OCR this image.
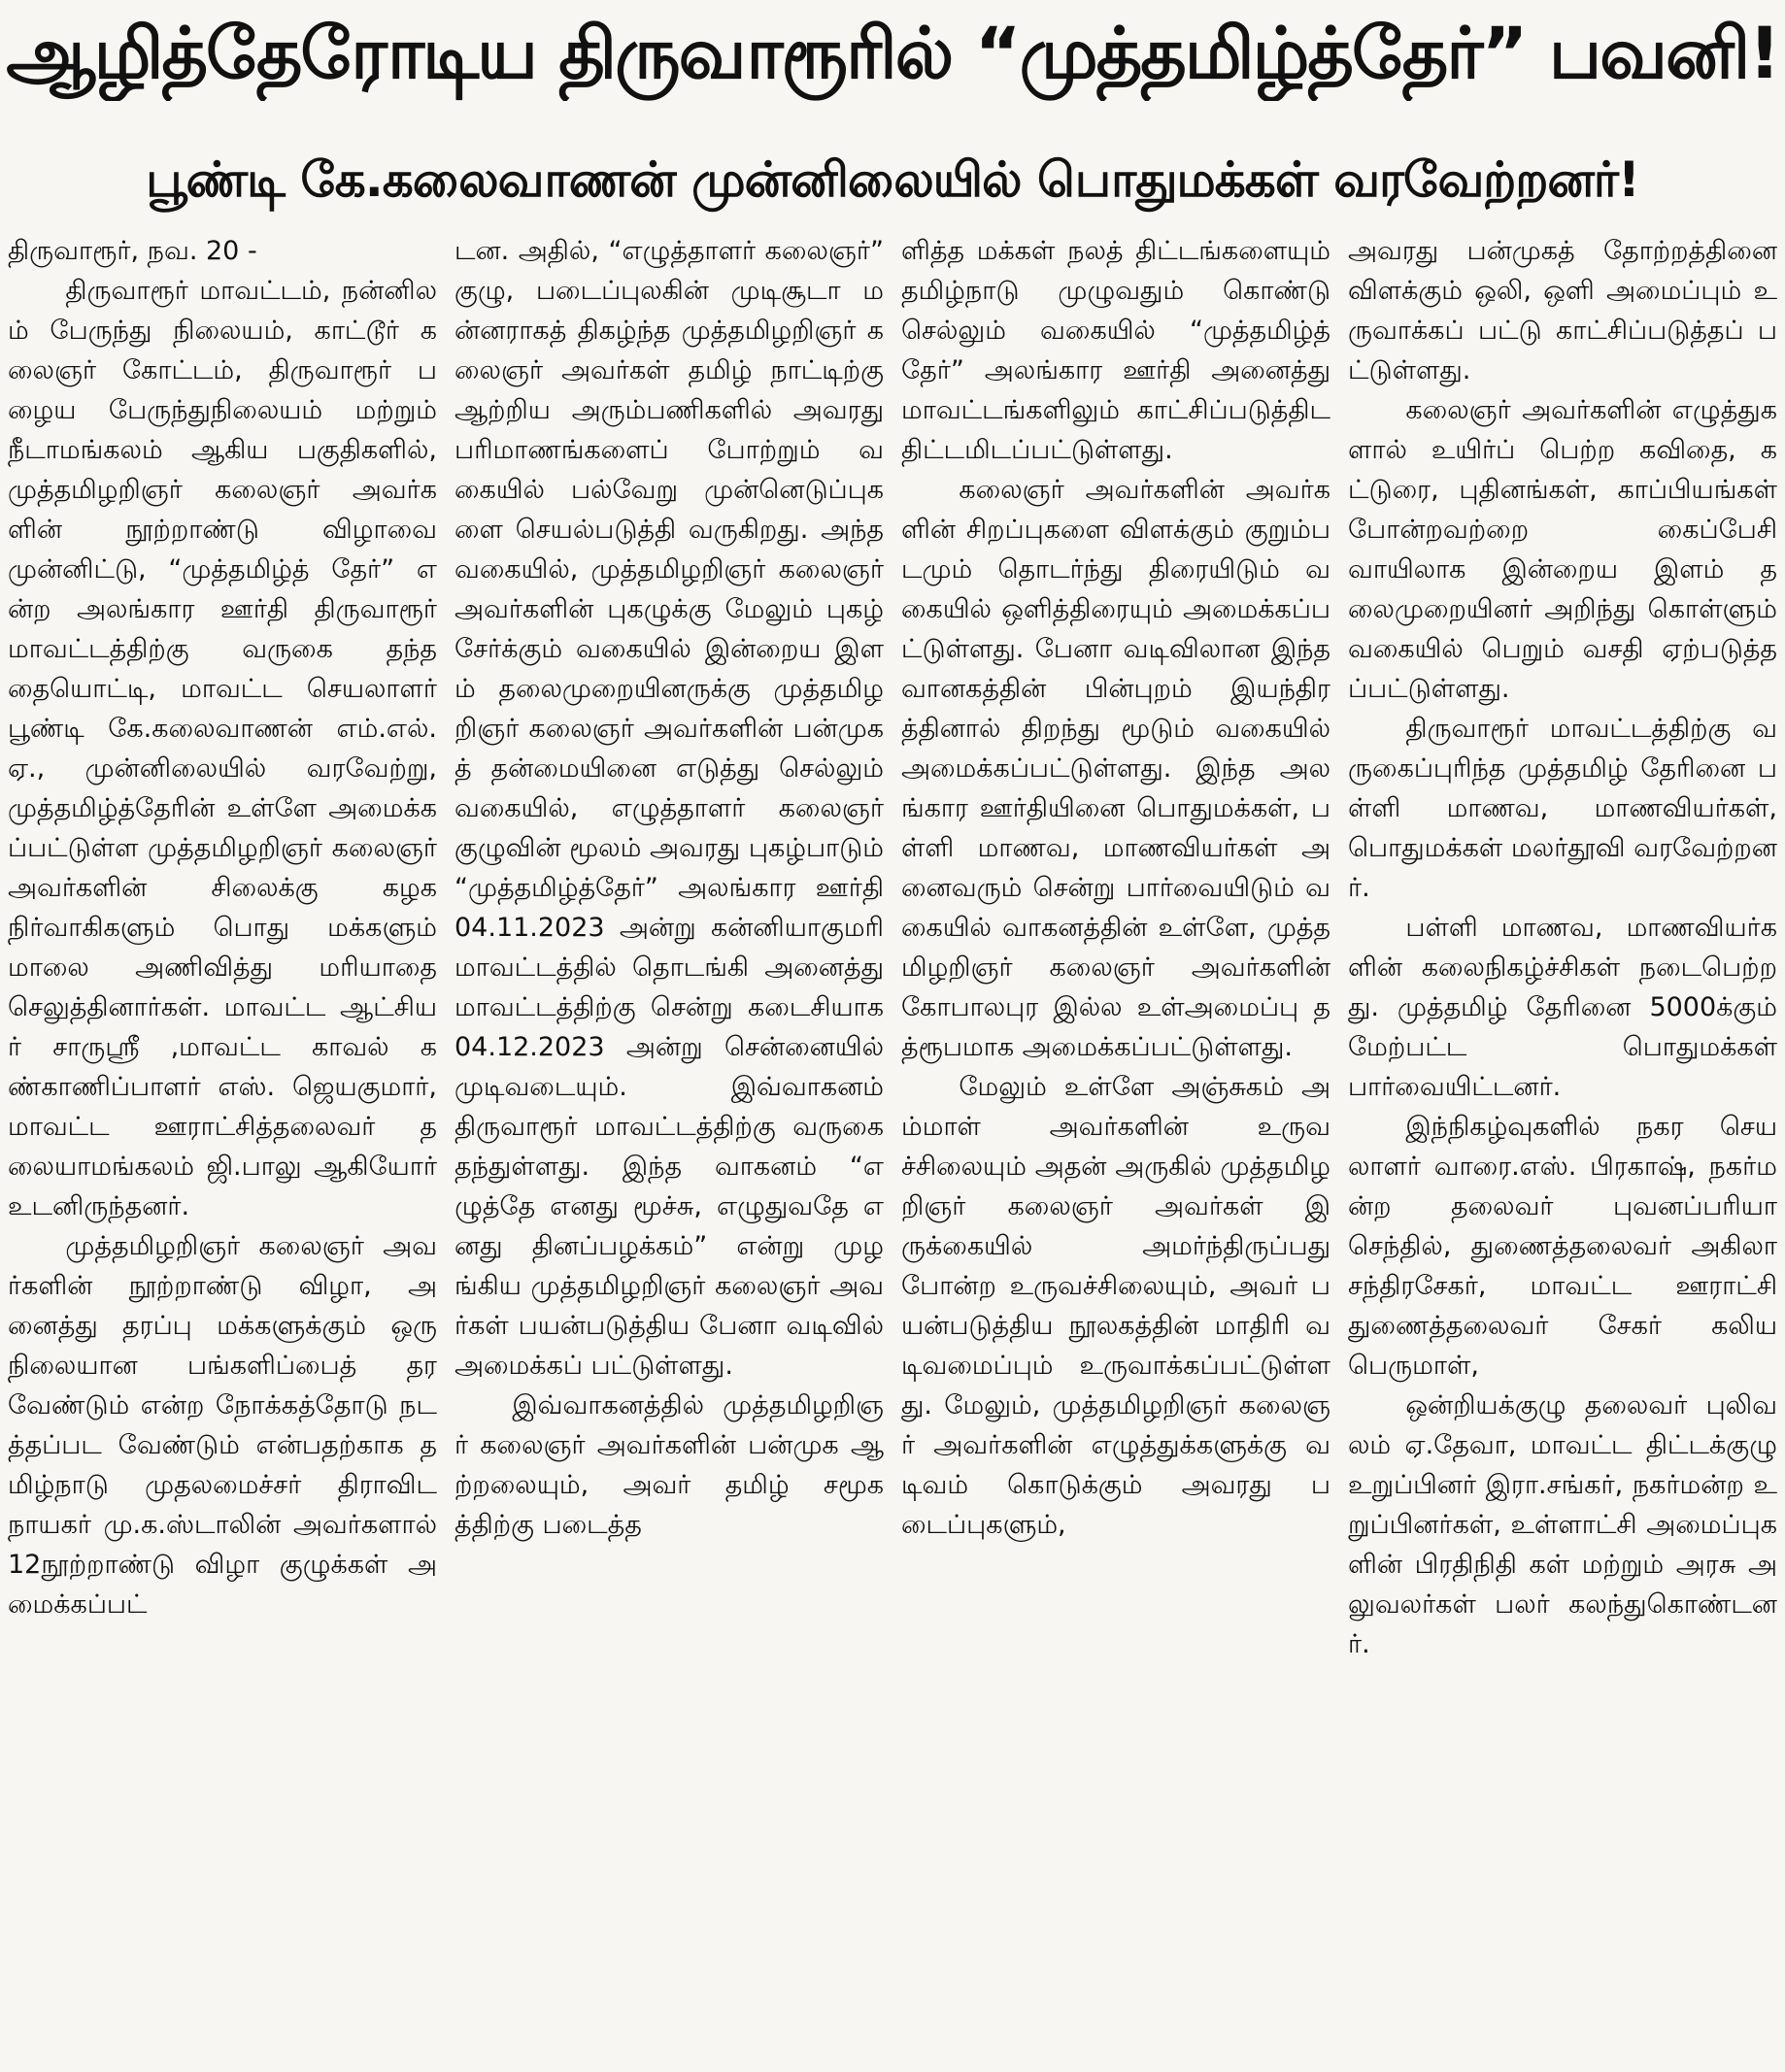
ஆழித்தேரோடிய திருவாரூரில் “முத்தமிழ்த்தேர்” பவனி!
பூண்டி கே.கலைவாணன் முன்னிலையில் பொதுமக்கள் வரவேற்றனர்!

திருவாரூர், நவ. 20 -

திருவாரூர் மாவட்டம், நன்னிலம் பேருந்து நிலையம், காட்டூர் கலைஞர் கோட்டம், திருவாரூர் பழைய பேருந்துநிலையம் மற்றும் நீடாமங்கலம் ஆகிய பகுதிகளில், முத்தமிழறிஞர் கலைஞர் அவர்களின் நூற்றாண்டு விழாவை முன்னிட்டு, “முத்தமிழ்த் தேர்” என்ற அலங்கார ஊர்தி திருவாரூர் மாவட்டத்திற்கு வருகை தந்ததையொட்டி, மாவட்ட செயலாளர் பூண்டி கே.கலைவாணன் எம்.எல்.ஏ., முன்னிலையில் வரவேற்று, முத்தமிழ்த்தேரின் உள்ளே அமைக்கப்பட்டுள்ள முத்தமிழறிஞர் கலைஞர் அவர்களின் சிலைக்கு கழக நிர்வாகிகளும் பொது மக்களும் மாலை அணிவித்து மரியாதை செலுத்தினார்கள். மாவட்ட ஆட்சியர் சாருஸ்ரீ ,மாவட்ட காவல் கண்காணிப்பாளர் எஸ். ஜெயகுமார், மாவட்ட ஊராட்சித்தலைவர் தலையாமங்கலம் ஜி.பாலு ஆகியோர் உடனிருந்தனர்.

முத்தமிழறிஞர் கலைஞர் அவர்களின் நூற்றாண்டு விழா, அனைத்து தரப்பு மக்களுக்கும் ஒரு நிலையான பங்களிப்பைத் தரவேண்டும் என்ற நோக்கத்தோடு நடத்தப்பட வேண்டும் என்பதற்காக தமிழ்நாடு முதலமைச்சர் திராவிட நாயகர் மு.க.ஸ்டாலின் அவர்களால் 12நூற்றாண்டு விழா குழுக்கள் அமைக்கப்பட்

டன. அதில், “எழுத்தாளர் கலைஞர்” குழு, படைப்புலகின் முடிசூடா மன்னராகத் திகழ்ந்த முத்தமிழறிஞர் கலைஞர் அவர்கள் தமிழ் நாட்டிற்கு ஆற்றிய அரும்பணிகளில் அவரது பரிமாணங்களைப் போற்றும் வகையில் பல்வேறு முன்னெடுப்புகளை செயல்படுத்தி வருகிறது. அந்தவகையில், முத்தமிழறிஞர் கலைஞர் அவர்களின் புகழுக்கு மேலும் புகழ் சேர்க்கும் வகையில் இன்றைய இளம் தலைமுறையினருக்கு முத்தமிழறிஞர் கலைஞர் அவர்களின் பன்முகத் தன்மையினை எடுத்து செல்லும் வகையில், எழுத்தாளர் கலைஞர் குழுவின் மூலம் அவரது புகழ்பாடும் “முத்தமிழ்த்தேர்” அலங்கார ஊர்தி 04.11.2023 அன்று கன்னியாகுமரி மாவட்டத்தில் தொடங்கி அனைத்து மாவட்டத்திற்கு சென்று கடைசியாக 04.12.2023 அன்று சென்னையில் முடிவடையும். இவ்வாகனம் திருவாரூர் மாவட்டத்திற்கு வருகை தந்துள்ளது. இந்த வாகனம் “எழுத்தே எனது மூச்சு, எழுதுவதே எனது தினப்பழக்கம்” என்று முழங்கிய முத்தமிழறிஞர் கலைஞர் அவர்கள் பயன்படுத்திய பேனா வடிவில் அமைக்கப் பட்டுள்ளது.

இவ்வாகனத்தில் முத்தமிழறிஞர் கலைஞர் அவர்களின் பன்முக ஆற்றலையும், அவர் தமிழ் சமூகத்திற்கு படைத்த

ளித்த மக்கள் நலத் திட்டங்களையும் தமிழ்நாடு முழுவதும் கொண்டு செல்லும் வகையில் “முத்தமிழ்த் தேர்” அலங்கார ஊர்தி அனைத்து மாவட்டங்களிலும் காட்சிப்படுத்திட திட்டமிடப்பட்டுள்ளது.

கலைஞர் அவர்களின் அவர்களின் சிறப்புகளை விளக்கும் குறும்படமும் தொடர்ந்து திரையிடும் வகையில் ஒளித்திரையும் அமைக்கப்பட்டுள்ளது. பேனா வடிவிலான இந்த வானகத்தின் பின்புறம் இயந்திரத்தினால் திறந்து மூடும் வகையில் அமைக்கப்பட்டுள்ளது. இந்த அலங்கார ஊர்தியினை பொதுமக்கள், பள்ளி மாணவ, மாணவியர்கள் அனைவரும் சென்று பார்வையிடும் வகையில் வாகனத்தின் உள்ளே, முத்தமிழறிஞர் கலைஞர் அவர்களின் கோபாலபுர இல்ல உள்அமைப்பு தத்ரூபமாக அமைக்கப்பட்டுள்ளது.

மேலும் உள்ளே அஞ்சுகம் அம்மாள் அவர்களின் உருவச்சிலையும் அதன் அருகில் முத்தமிழறிஞர் கலைஞர் அவர்கள் இருக்கையில் அமர்ந்திருப்பது போன்ற உருவச்சிலையும், அவர் பயன்படுத்திய நூலகத்தின் மாதிரி வடிவமைப்பும் உருவாக்கப்பட்டுள்ளது. மேலும், முத்தமிழறிஞர் கலைஞர் அவர்களின் எழுத்துக்களுக்கு வடிவம் கொடுக்கும் அவரது படைப்புகளும்,

அவரது பன்முகத் தோற்றத்தினை விளக்கும் ஒலி, ஒளி அமைப்பும் உருவாக்கப் பட்டு காட்சிப்படுத்தப் பட்டுள்ளது.

கலைஞர் அவர்களின் எழுத்துகளால் உயிர்ப் பெற்ற கவிதை, கட்டுரை, புதினங்கள், காப்பியங்கள் போன்றவற்றை கைப்பேசி வாயிலாக இன்றைய இளம் தலைமுறையினர் அறிந்து கொள்ளும் வகையில் பெறும் வசதி ஏற்படுத்தப்பட்டுள்ளது.

திருவாரூர் மாவட்டத்திற்கு வருகைப்புரிந்த முத்தமிழ் தேரினை பள்ளி மாணவ, மாணவியர்கள், பொதுமக்கள் மலர்தூவி வரவேற்றனர்.

பள்ளி மாணவ, மாணவியர்களின் கலைநிகழ்ச்சிகள் நடைபெற்றது. முத்தமிழ் தேரினை 5000க்கும் மேற்பட்ட பொதுமக்கள் பார்வையிட்டனர்.

இந்நிகழ்வுகளில் நகர செயலாளர் வாரை.எஸ். பிரகாஷ், நகர்மன்ற தலைவர் புவனப்பரியா செந்தில், துணைத்தலைவர் அகிலா சந்திரசேகர், மாவட்ட ஊராட்சி துணைத்தலைவர் சேகர் கலியபெருமாள்,

ஒன்றியக்குழு தலைவர் புலிவலம் ஏ.தேவா, மாவட்ட திட்டக்குழு உறுப்பினர் இரா.சங்கர், நகர்மன்ற உறுப்பினர்கள், உள்ளாட்சி அமைப்புகளின் பிரதிநிதி கள் மற்றும் அரசு அலுவலர்கள் பலர் கலந்துகொண்டனர்.
